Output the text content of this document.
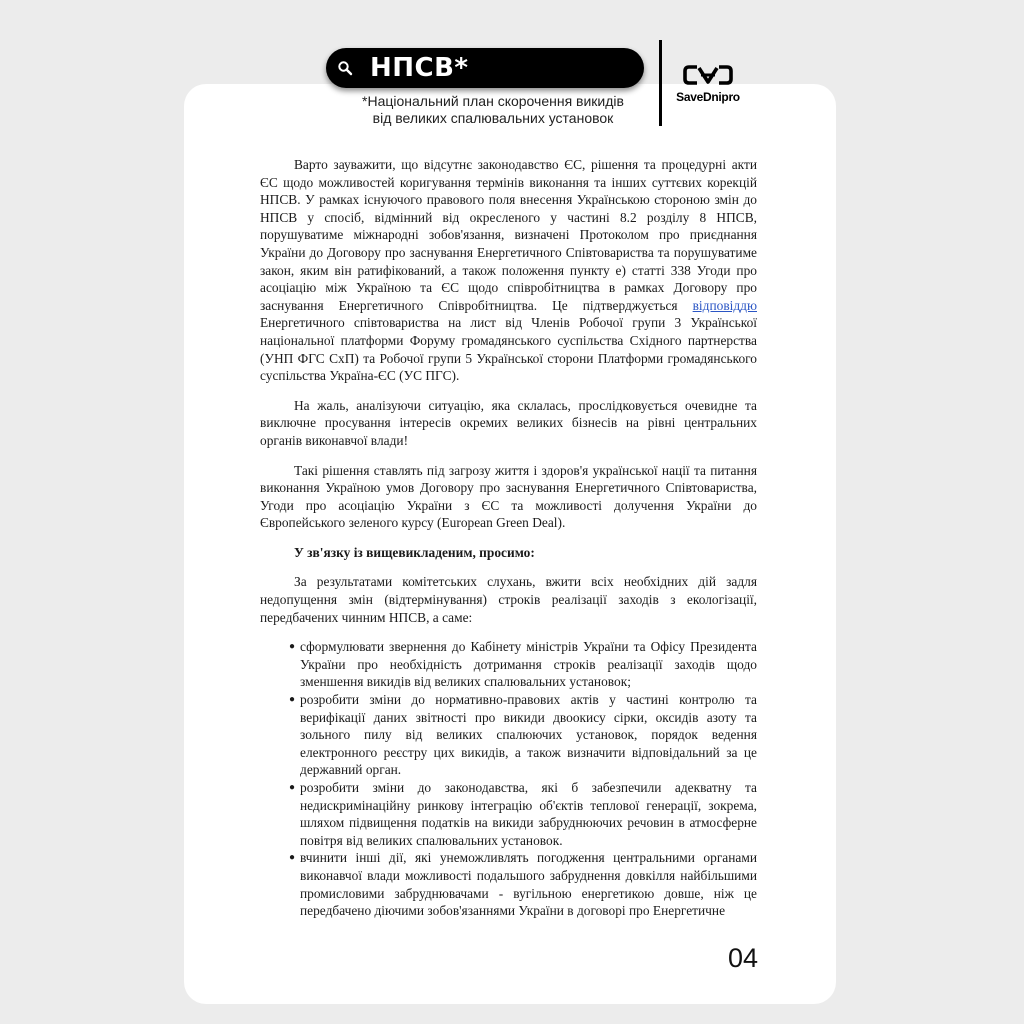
НПСВ*
*Національний план скорочення викидів
від великих спалювальних установок
SaveDnipro

Варто зауважити, що відсутнє законодавство ЄС, рішення та процедурні акти ЄС щодо можливостей коригування термінів виконання та інших суттєвих корекцій НПСВ. У рамках існуючого правового поля внесення Українською стороною змін до НПСВ у спосіб, відмінний від окресленого у частині 8.2 розділу 8 НПСВ, порушуватиме міжнародні зобов'язання, визначені Протоколом про приєднання України до Договору про заснування Енергетичного Співтовариства та порушуватиме закон, яким він ратифікований, а також положення пункту е) статті 338 Угоди про асоціацію між Україною та ЄС щодо співробітництва в рамках Договору про заснування Енергетичного Співробітництва. Це підтверджується відповіддю Енергетичного співтовариства на лист від Членів Робочої групи 3 Української національної платформи Форуму громадянського суспільства Східного партнерства (УНП ФГС СхП) та Робочої групи 5 Української сторони Платформи громадянського суспільства Україна-ЄС (УС ПГС).

На жаль, аналізуючи ситуацію, яка склалась, прослідковується очевидне та виключне просування інтересів окремих великих бізнесів на рівні центральних органів виконавчої влади!

Такі рішення ставлять під загрозу життя і здоров'я української нації та питання виконання Україною умов Договору про заснування Енергетичного Співтовариства, Угоди про асоціацію України з ЄС та можливості долучення України до Європейського зеленого курсу (European Green Deal).

У зв'язку із вищевикладеним, просимо:

За результатами комітетських слухань, вжити всіх необхідних дій задля недопущення змін (відтермінування) строків реалізації заходів з екологізації, передбачених чинним НПСВ, а саме:

● сформулювати звернення до Кабінету міністрів України та Офісу Президента України про необхідність дотримання строків реалізації заходів щодо зменшення викидів від великих спалювальних установок;
● розробити зміни до нормативно-правових актів у частині контролю та верифікації даних звітності про викиди двоокису сірки, оксидів азоту та зольного пилу від великих спалюючих установок, порядок ведення електронного реєстру цих викидів, а також визначити відповідальний за це державний орган.
● розробити зміни до законодавства, які б забезпечили адекватну та недискримінаційну ринкову інтеграцію об'єктів теплової генерації, зокрема, шляхом підвищення податків на викиди забруднюючих речовин в атмосферне повітря від великих спалювальних установок.
● вчинити інші дії, які унеможливлять погодження центральними органами виконавчої влади можливості подальшого забруднення довкілля найбільшими промисловими забруднювачами - вугільною енергетикою довше, ніж це передбачено діючими зобов'язаннями України в договорі про Енергетичне
04
